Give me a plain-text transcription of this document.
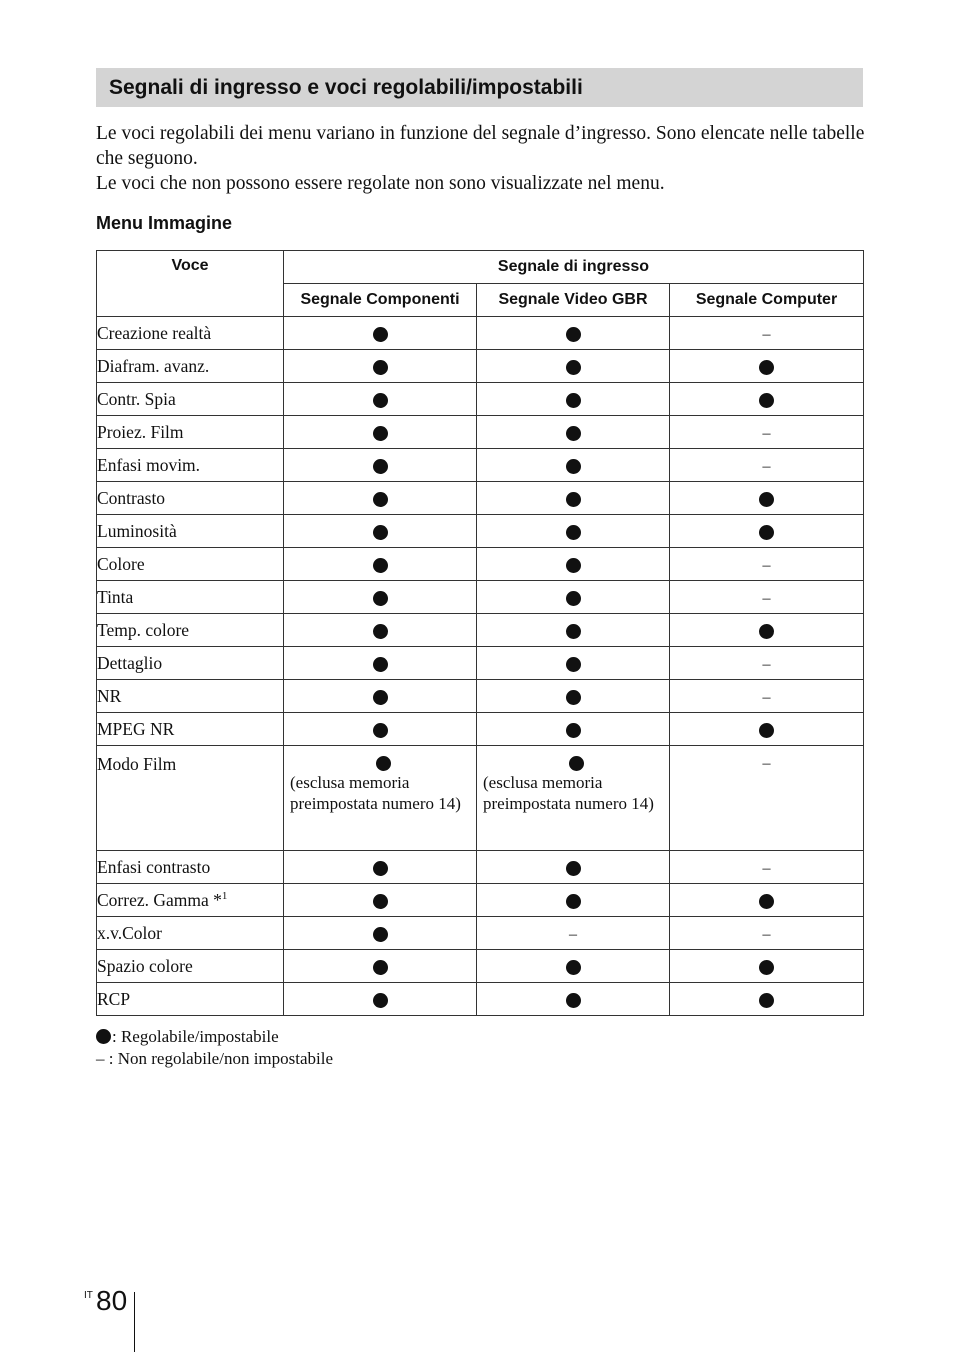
Segnali di ingresso e voci regolabili/impostabili

Le voci regolabili dei menu variano in funzione del segnale d’ingresso. Sono elencate nelle tabelle che seguono.

Le voci che non possono essere regolate non sono visualizzate nel menu.

Menu Immagine
Voce	Segnale di ingresso		
	Segnale Componenti	Segnale Video GBR	Segnale Computer
Creazione realtà			–
Diafram. avanz.			
Contr. Spia			
Proiez. Film			–
Enfasi movim.			–
Contrasto			
Luminosità			
Colore			–
Tinta			–
Temp. colore			
Dettaglio			–
NR			–
MPEG NR			
Modo Film	(esclusa memoria preimpostata numero 14)	(esclusa memoria preimpostata numero 14)	–
Enfasi contrasto			–
Correz. Gamma *$^1$			
x.v.Color		–	–
Spazio colore			
RCP			
: Regolabile/impostabile
– : Non regolabile/non impostabile
IT 80
